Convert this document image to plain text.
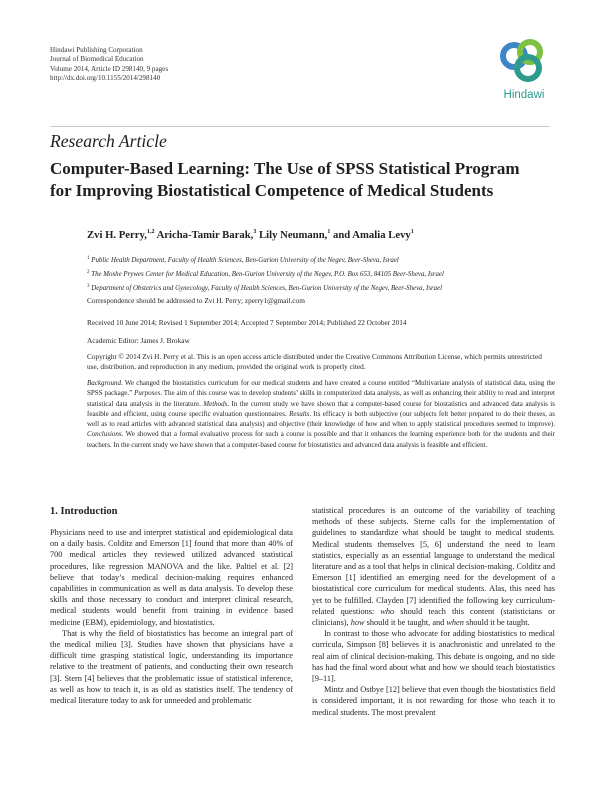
Hindawi Publishing Corporation
Journal of Biomedical Education
Volume 2014, Article ID 298140, 9 pages
http://dx.doi.org/10.1155/2014/298140
Hindawi
Research Article
Computer-Based Learning: The Use of SPSS Statistical Program
for Improving Biostatistical Competence of Medical Students
Zvi H. Perry,$^{1,2}$ Aricha-Tamir Barak,$^3$ Lily Neumann,$^1$ and Amalia Levy$^1$
$^1$ Public Health Department, Faculty of Health Sciences, Ben-Gurion University of the Negev, Beer-Sheva, Israel
$^2$ The Moshe Prywes Center for Medical Education, Ben-Gurion University of the Negev, P.O. Box 653, 84105 Beer-Sheva, Israel
$^3$ Department of Obstetrics and Gynecology, Faculty of Health Sciences, Ben-Gurion University of the Negev, Beer-Sheva, Israel
Correspondence should be addressed to Zvi H. Perry; zperry1@gmail.com
Received 10 June 2014; Revised 1 September 2014; Accepted 7 September 2014; Published 22 October 2014
Academic Editor: James J. Brokaw
Copyright © 2014 Zvi H. Perry et al. This is an open access article distributed under the Creative Commons Attribution License, which permits unrestricted use, distribution, and reproduction in any medium, provided the original work is properly cited.

Background. We changed the biostatistics curriculum for our medical students and have created a course entitled “Multivariate analysis of statistical data, using the SPSS package.” Purposes. The aim of this course was to develop students’ skills in computerized data analysis, as well as enhancing their ability to read and interpret statistical data analysis in the literature. Methods. In the current study we have shown that a computer-based course for biostatistics and advanced data analysis is feasible and efficient, using course specific evaluation questionnaires. Results. Its efficacy is both subjective (our subjects felt better prepared to do their theses, as well as to read articles with advanced statistical data analysis) and objective (their knowledge of how and when to apply statistical procedures seemed to improve). Conclusions. We showed that a formal evaluative process for such a course is possible and that it enhances the learning experience both for the students and their teachers. In the current study we have shown that a computer-based course for biostatistics and advanced data analysis is feasible and efficient.

1. Introduction

Physicians need to use and interpret statistical and epidemiological data on a daily basis. Colditz and Emerson [1] found that more than 40% of 700 medical articles they reviewed utilized advanced statistical procedures, like regression MANOVA and the like. Paltiel et al. [2] believe that today’s medical decision-making requires enhanced capabilities in communication as well as data analysis. To develop these skills and those necessary to conduct and interpret clinical research, medical students would benefit from training in evidence based medicine (EBM), epidemiology, and biostatistics.

That is why the field of biostatistics has become an integral part of the medical milieu [3]. Studies have shown that physicians have a difficult time grasping statistical logic, understanding its importance relative to the treatment of patients, and conducting their own research [3]. Stern [4] believes that the problematic issue of statistical inference, as well as how to teach it, is as old as statistics itself. The tendency of medical literature today to ask for unneeded and problematic

statistical procedures is an outcome of the variability of teaching methods of these subjects. Sterne calls for the implementation of guidelines to standardize what should be taught to medical students. Medical students themselves [5, 6] understand the need to learn statistics, especially as an essential language to understand the medical literature and as a tool that helps in clinical decision-making. Colditz and Emerson [1] identified an emerging need for the development of a biostatistical core curriculum for medical students. Alas, this need has yet to be fulfilled. Clayden [7] identified the following key curriculum-related questions: who should teach this content (statisticians or clinicians), how should it be taught, and when should it be taught.

In contrast to those who advocate for adding biostatistics to medical curricula, Simpson [8] believes it is anachronistic and unrelated to the real aim of clinical decision-making. This debate is ongoing, and no side has had the final word about what and how we should teach biostatistics [9–11].

Mintz and Ostbye [12] believe that even though the biostatistics field is considered important, it is not rewarding for those who teach it to medical students. The most prevalent
